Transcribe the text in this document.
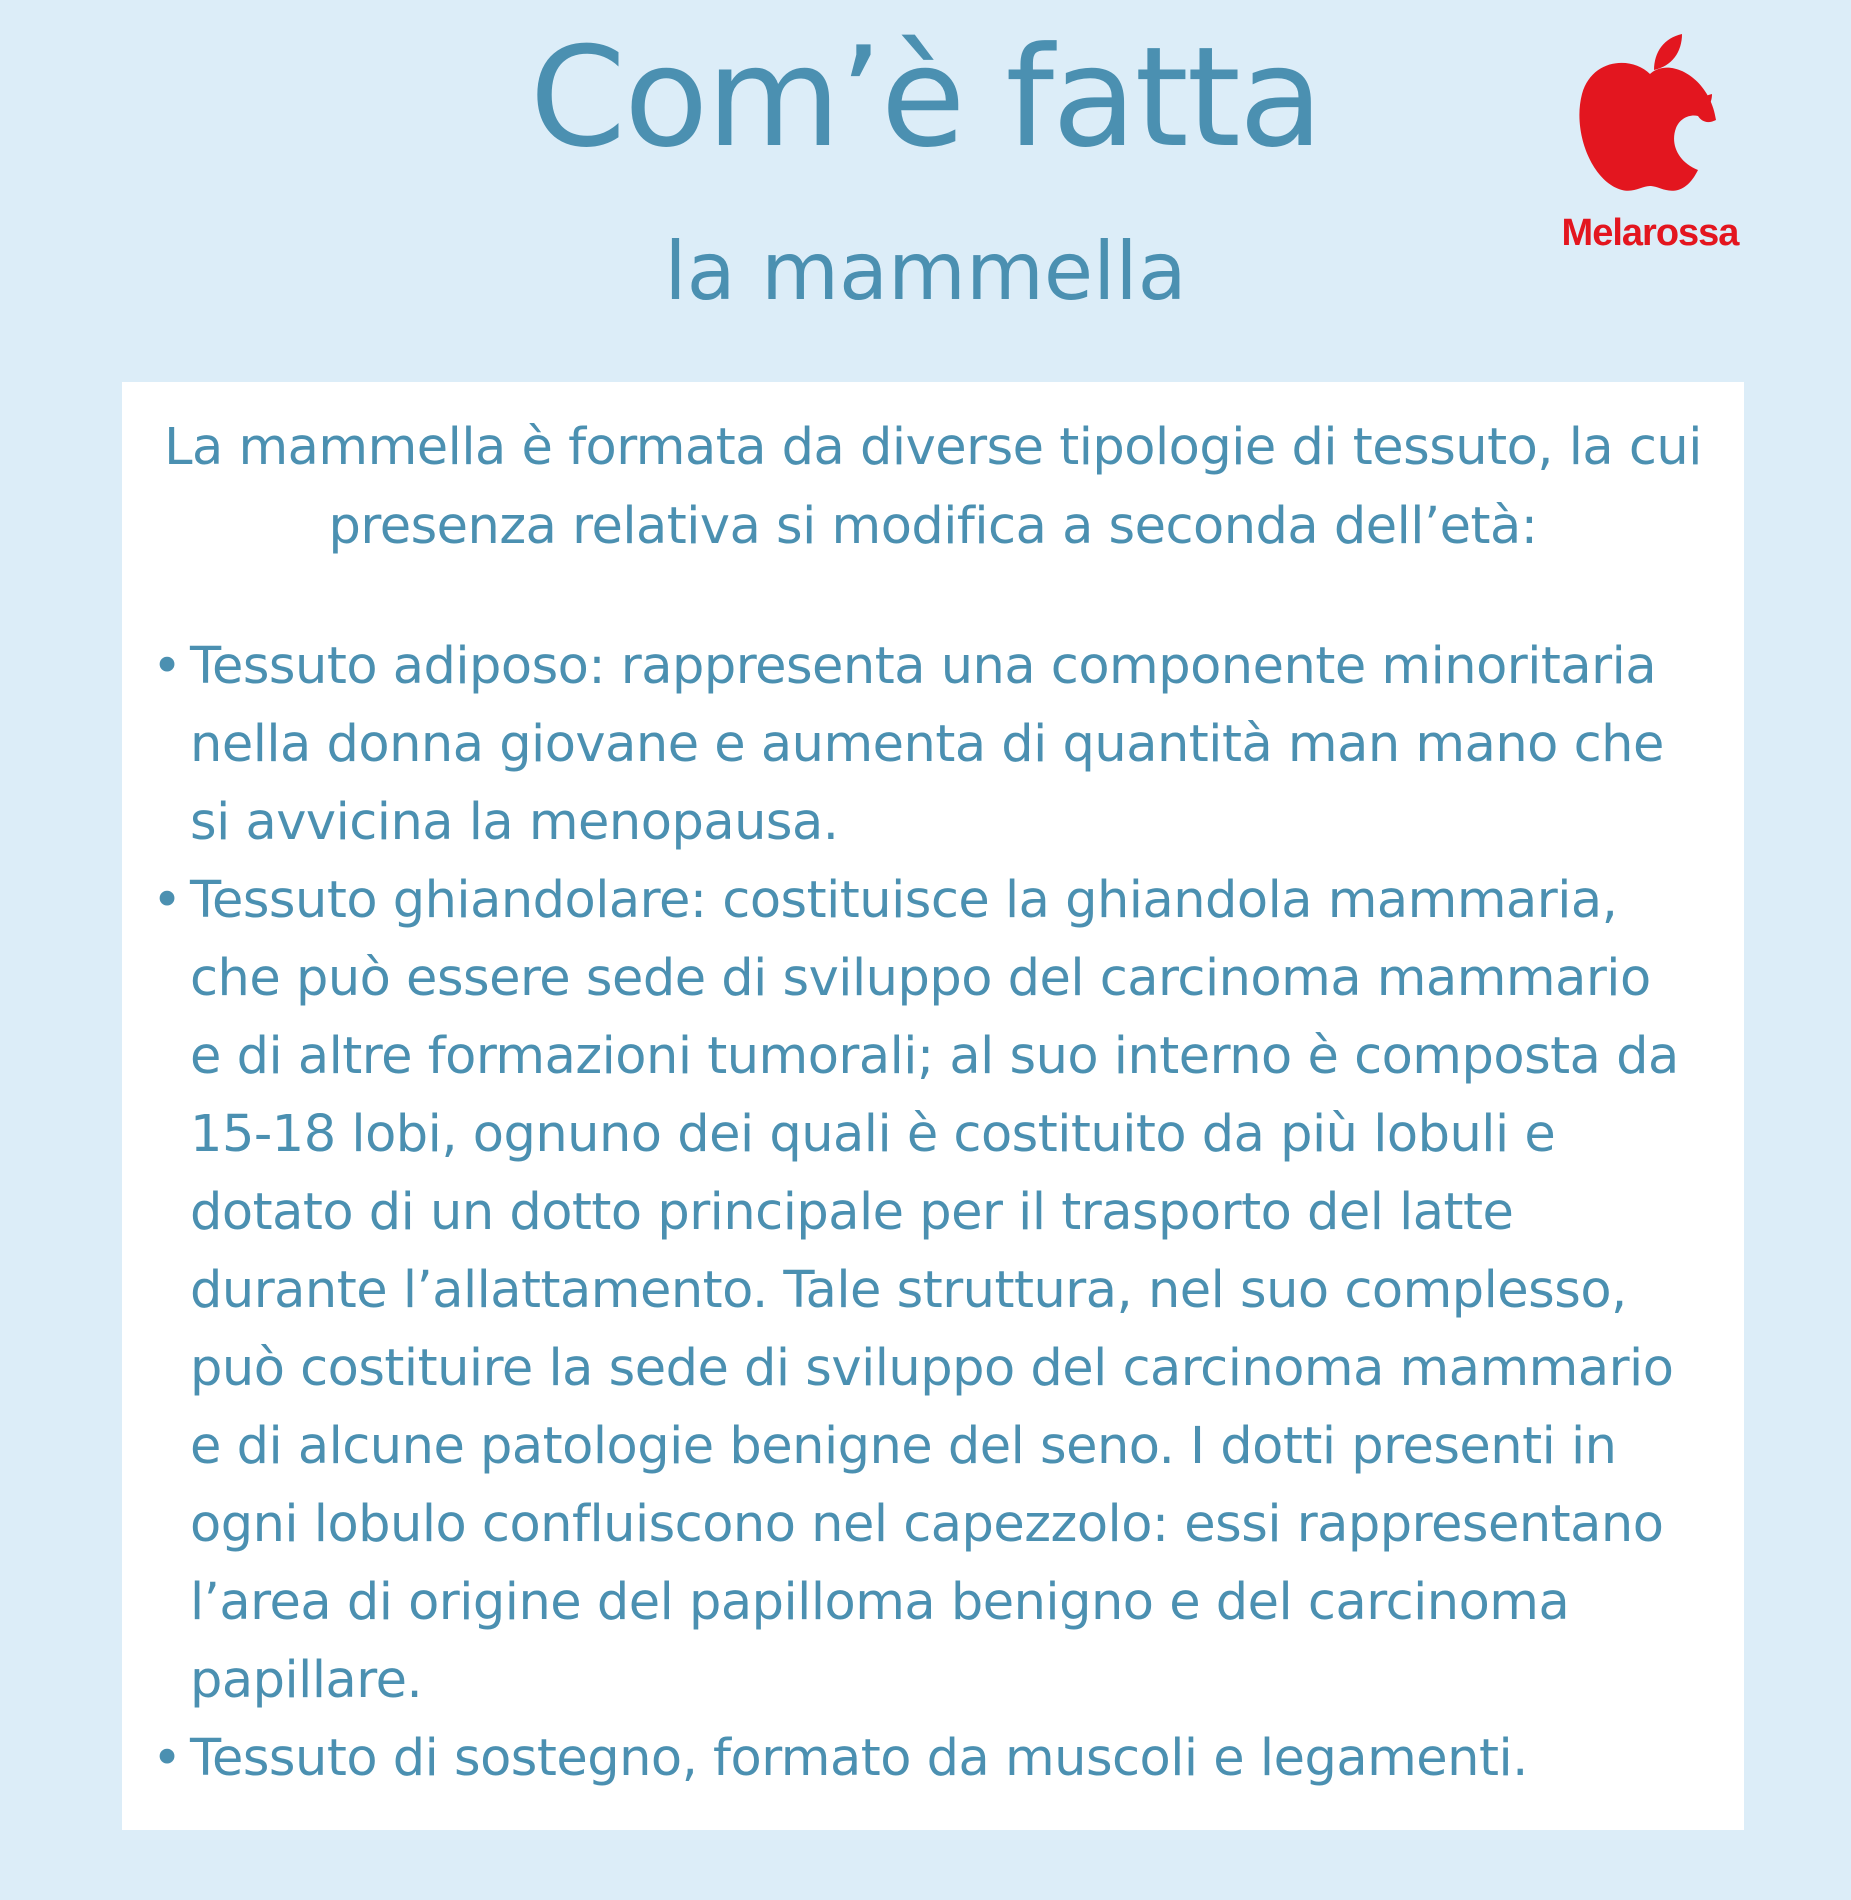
Com’è fatta
la mammella	Melarossa

La mammella è formata da diverse tipologie di tessuto, la cui presenza relativa si modifica a seconda dell’età:

• Tessuto adiposo: rappresenta una componente minoritaria nella donna giovane e aumenta di quantità man mano che si avvicina la menopausa.
• Tessuto ghiandolare: costituisce la ghiandola mammaria, che può essere sede di sviluppo del carcinoma mammario e di altre formazioni tumorali; al suo interno è composta da 15-18 lobi, ognuno dei quali è costituito da più lobuli e dotato di un dotto principale per il trasporto del latte durante l’allattamento. Tale struttura, nel suo complesso, può costituire la sede di sviluppo del carcinoma mammario e di alcune patologie benigne del seno. I dotti presenti in ogni lobulo confluiscono nel capezzolo: essi rappresentano l’area di origine del papilloma benigno e del carcinoma papillare.
• Tessuto di sostegno, formato da muscoli e legamenti.
